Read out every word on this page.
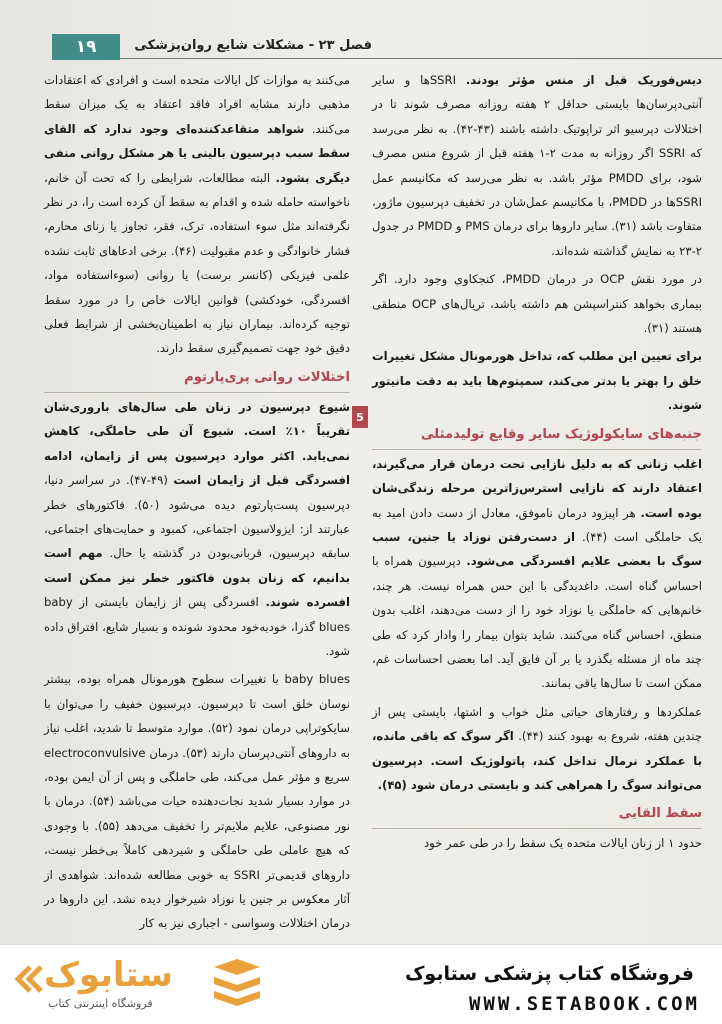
۱۹	فصل ۲۳ - مشکلات شایع روان‌پزشکی

دیس‌فوریک قبل از منس مؤثر بودند. SSRIها و سایر آنتی‌دپرسان‌ها بایستی حداقل ۲ هفته روزانه مصرف شوند تا در اختلالات دپرسیو اثر تراپوتیک داشته باشند (۴۳-۴۲). به نظر می‌رسد که SSRI اگر روزانه به مدت ۲-۱ هفته قبل از شروع منس مصرف شود، برای PMDD مؤثر باشد. به نظر می‌رسد که مکانیسم عمل SSRIها در PMDD، با مکانیسم عمل‌شان در تخفیف دپرسیون ماژور، متفاوت باشد (۳۱). سایر داروها برای درمان PMS و PMDD در جدول ۲-۲۳ به نمایش گذاشته شده‌اند.

در مورد نقش OCP در درمان PMDD، کنجکاوی وجود دارد. اگر بیماری بخواهد کنتراسپشن هم داشته باشد، تریال‌های OCP منطقی هستند (۳۱).

برای تعیین این مطلب که، تداخل هورمونال مشکل تغییرات خلق را بهتر یا بدتر می‌کند، سمپتوم‌ها باید به دقت مانیتور شوند.

جنبه‌های سایکولوژیک سایر وقایع تولیدمثلی

اغلب زنانی که به دلیل نازایی تحت درمان قرار می‌گیرند، اعتقاد دارند که نازایی استرس‌زاترین مرحله زندگی‌شان بوده است. هر اپیزود درمان ناموفق، معادل از دست دادن امید به یک حاملگی است (۴۴). از دست‌رفتن نوزاد یا جنین، سبب سوگ با بعضی علایم افسردگی می‌شود. دپرسیون همراه با احساس گناه است. داغدیدگی با این حس همراه نیست. هر چند، خانم‌هایی که حاملگی یا نوزاد خود را از دست می‌دهند، اغلب بدون منطق، احساس گناه می‌کنند. شاید بتوان بیمار را وادار کرد که طی چند ماه از مسئله بگذرد یا بر آن فایق آید. اما بعضی احساسات غم، ممکن است تا سال‌ها باقی بمانند.

عملکردها و رفتارهای حیاتی مثل خواب و اشتها، بایستی پس از چندین هفته، شروع به بهبود کنند (۴۴). اگر سوگ که باقی مانده، با عملکرد نرمال تداخل کند، پاتولوژیک است. دپرسیون می‌تواند سوگ را همراهی کند و بایستی درمان شود (۴۵).

سقط القایی

حدود ۱ از زنان ایالات متحده یک سقط را در طی عمر خود

می‌کنند به موازات کل ایالات متحده است و افرادی که اعتقادات مذهبی دارند مشابه افراد فاقد اعتقاد به یک میزان سقط می‌کنند. شواهد متقاعدکننده‌ای وجود ندارد که القای سقط سبب دپرسیون بالینی یا هر مشکل روانی منفی دیگری بشود. البته مطالعات، شرایطی را که تحت آن خانم، ناخواسته حامله شده و اقدام به سقط آن کرده است را، در نظر نگرفته‌اند مثل سوء استفاده، ترک، فقر، تجاوز یا زنای محارم، فشار خانوادگی و عدم مقبولیت (۴۶). برخی ادعاهای ثابت نشده علمی فیزیکی (کانسر برست) یا روانی (سوءاستفاده مواد، افسردگی، خودکشی) قوانین ایالات خاص را در مورد سقط توجیه کرده‌اند. بیماران نیاز به اطمینان‌بخشی از شرایط فعلی دقیق خود جهت تصمیم‌گیری سقط دارند.

اختلالات روانی پری‌پارتوم

شیوع دپرسیون در زنان طی سال‌های باروری‌شان تقریباً ۱۰٪ است. شیوع آن طی حاملگی، کاهش نمی‌یابد. اکثر موارد دپرسیون پس از زایمان، ادامه افسردگی قبل از زایمان است (۴۹-۴۷). در سراسر دنیا، دپرسیون پست‌پارتوم دیده می‌شود (۵۰). فاکتورهای خطر عبارتند از: ایزولاسیون اجتماعی، کمبود و حمایت‌های اجتماعی، سابقه دپرسیون، قربانی‌بودن در گذشته یا حال. مهم است بدانیم، که زنان بدون فاکتور خطر نیز ممکن است افسرده شوند. افسردگی پس از زایمان بایستی از baby blues گذرا، خودبه‌خود محدود شونده و بسیار شایع، افتراق داده شود.

baby blues با تغییرات سطوح هورمونال همراه بوده، بیشتر نوسان خلق است تا دپرسیون. دپرسیون خفیف را می‌توان با سایکوتراپی درمان نمود (۵۲). موارد متوسط تا شدید، اغلب نیاز به داروهای آنتی‌دپرسان دارند (۵۳). درمان electroconvulsive سریع و مؤثر عمل می‌کند، طی حاملگی و پس از آن ایمن بوده، در موارد بسیار شدید نجات‌دهنده حیات می‌باشد (۵۴). درمان با نور مصنوعی، علایم ملایم‌تر را تخفیف می‌دهد (۵۵). با وجودی که هیچ عاملی طی حاملگی و شیردهی کاملاً بی‌خطر نیست، داروهای قدیمی‌تر SSRI به خوبی مطالعه شده‌اند. شواهدی از آثار معکوس بر جنین یا نوزاد شیرخوار دیده نشد. این داروها در درمان اختلالات وسواسی - اجباری نیز به کار

5
ستابوک
فروشگاه اینترنتی کتاب
فروشگاه کتاب پزشکی ستابوک
WWW.SETABOOK.COM
